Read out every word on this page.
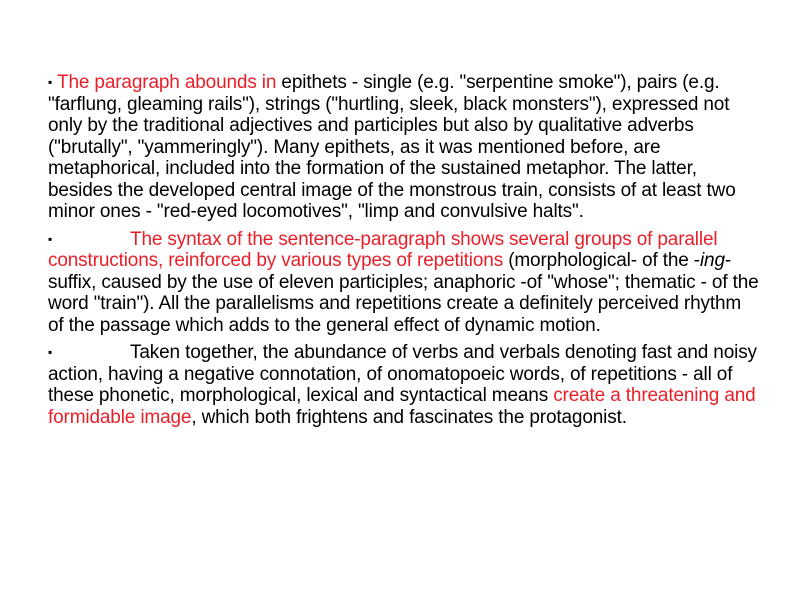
▪ The paragraph abounds in epithets - single (e.g. "serpentine smoke"), pairs (e.g. "farflung, gleaming rails"), strings ("hurtling, sleek, black monsters"), expressed not only by the traditional adjectives and participles but also by qualitative adverbs ("brutally", "yammeringly"). Many epithets, as it was mentioned before, are metaphorical, included into the formation of the sustained metaphor. The latter, besides the developed central image of the monstrous train, consists of at least two minor ones - "red-eyed locomotives", "limp and convulsive halts".

▪	The syntax of the sentence-paragraph shows several groups of parallel constructions, reinforced by various types of repetitions (morphological- of the -ing-suffix, caused by the use of eleven participles; anaphoric -of "whose"; thematic - of the word "train"). All the parallelisms and repetitions create a definitely perceived rhythm of the passage which adds to the general effect of dynamic motion.

▪	Taken together, the abundance of verbs and verbals denoting fast and noisy action, having a negative connotation, of onomatopoeic words, of repetitions - all of these phonetic, morphological, lexical and syntactical means create a threatening and formidable image, which both frightens and fascinates the protagonist.
